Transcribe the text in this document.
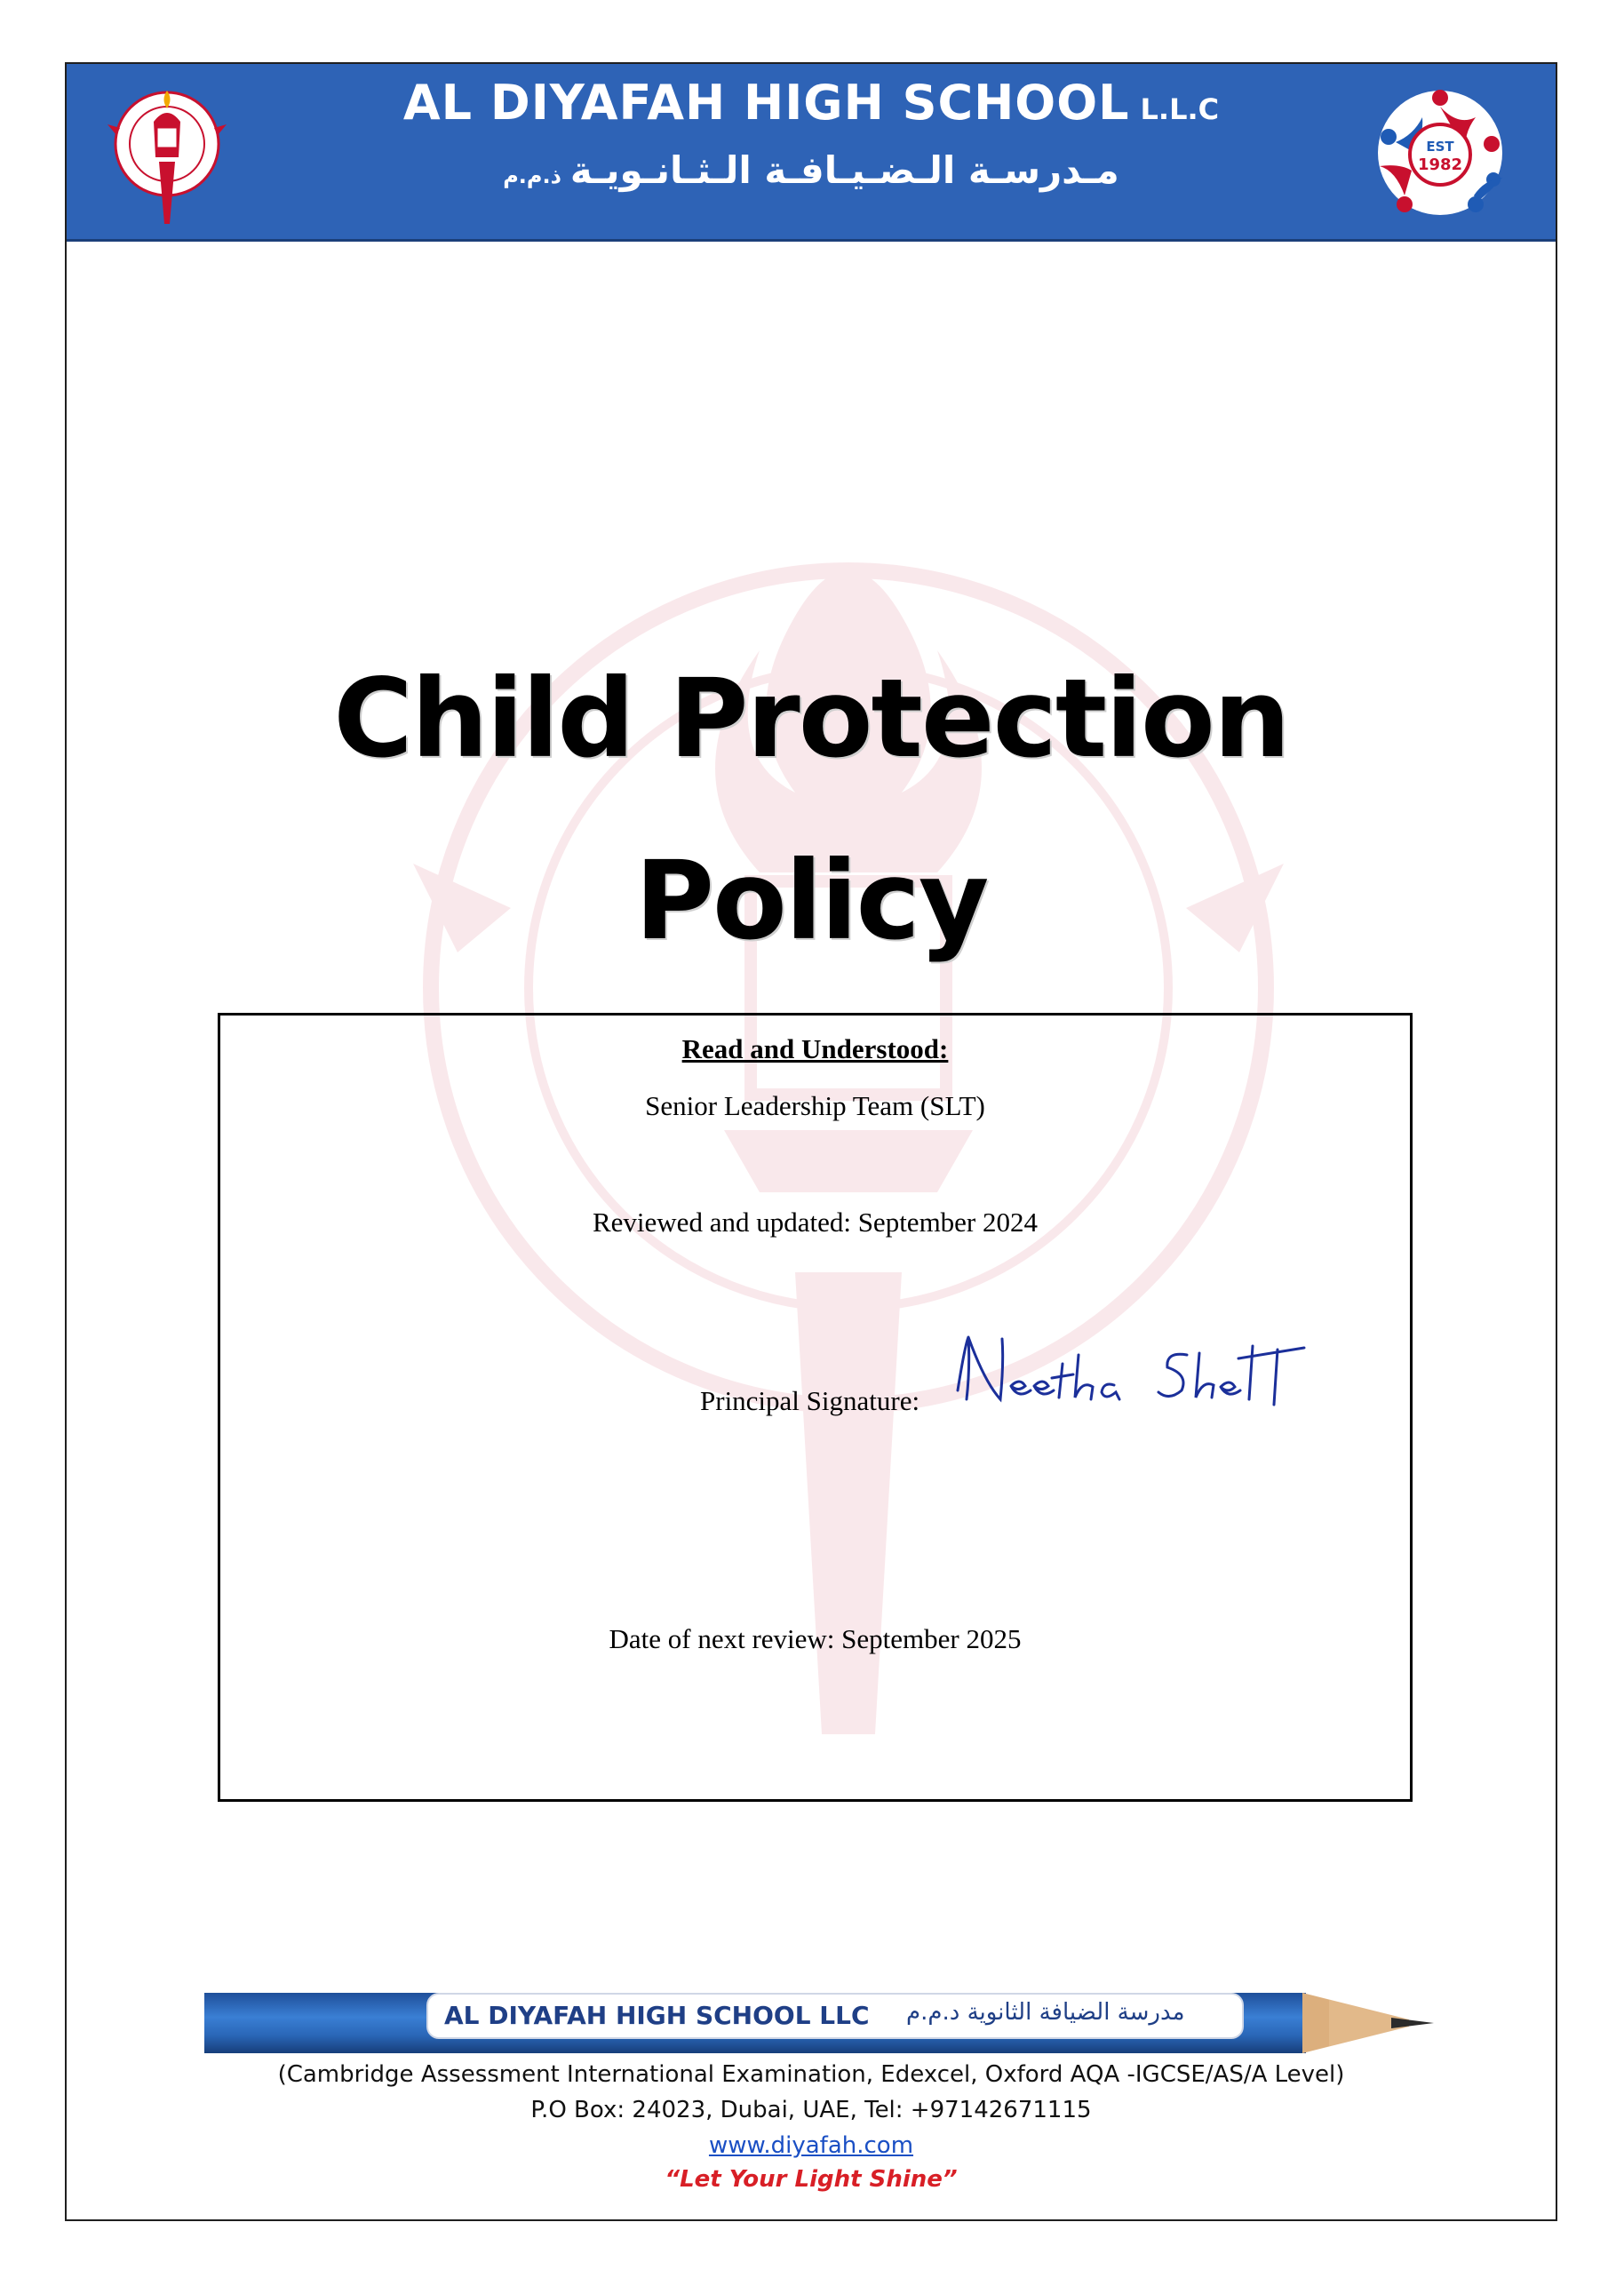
AL DIYAFAH HIGH SCHOOL L.L.C
مـدرسـة الـضـيـافـة الـثـانـويـةذ.م.م
EST
1982
Child Protection
Policy
Read and Understood:
Senior Leadership Team (SLT)
Reviewed and updated: September 2024
Principal Signature:
Date of next review: September 2025
AL DIYAFAH HIGH SCHOOL LLC مدرسة الضيافة الثانوية د.م.م
(Cambridge Assessment International Examination, Edexcel, Oxford AQA -IGCSE/AS/A Level)
P.O Box: 24023, Dubai, UAE, Tel: +97142671115
www.diyafah.com
“Let Your Light Shine”
